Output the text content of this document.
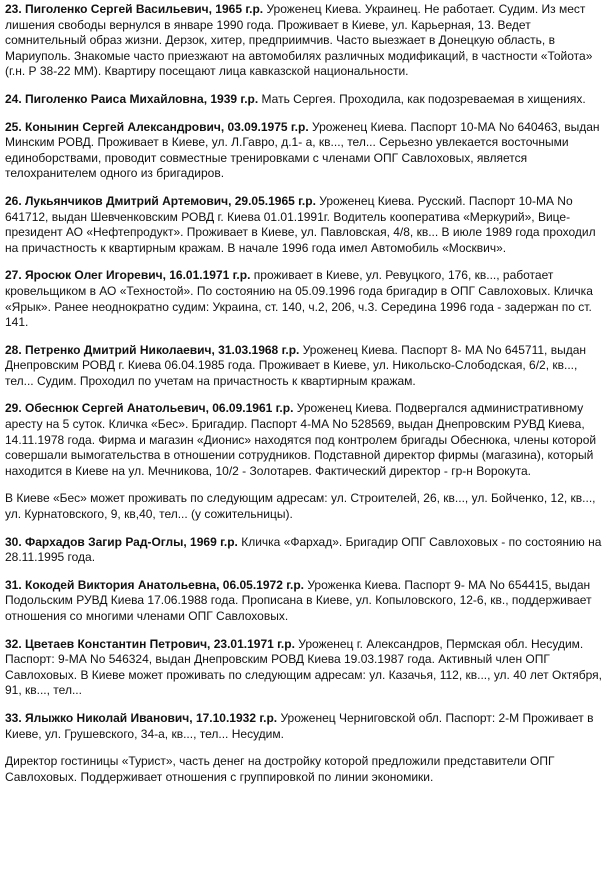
23. Пиголенко Сергей Васильевич, 1965 г.р. Уроженец Киева. Украинец. Не работает. Судим. Из мест лишения свободы вернулся в январе 1990 года. Проживает в Киеве, ул. Карьерная, 13. Ведет сомнительный образ жизни. Дерзок, хитер, предприимчив. Часто выезжает в Донецкую область, в Мариуполь. Знакомые часто приезжают на автомобилях различных модификаций, в частности «Тойота» (г.н. Р 38-22 ММ). Квартиру посещают лица кавказской национальности.

24. Пиголенко Раиса Михайловна, 1939 г.р. Мать Сергея. Проходила, как подозреваемая в хищениях.

25. Конынин Сергей Александрович, 03.09.1975 г.р. Уроженец Киева. Паспорт 10-МА No 640463, выдан Минским РОВД. Проживает в Киеве, ул. Л.Гавро, д.1- а, кв..., тел... Серьезно увлекается восточными единоборствами, проводит совместные тренировками с членами ОПГ Савлоховых, является телохранителем одного из бригадиров.

26. Лукьянчиков Дмитрий Артемович, 29.05.1965 г.р. Уроженец Киева. Русский. Паспорт 10-МА No 641712, выдан Шевченковским РОВД г. Киева 01.01.1991г. Водитель кооператива «Меркурий», Вице-президент АО «Нефтепродукт». Проживает в Киеве, ул. Павловская, 4/8, кв... В июле 1989 года проходил на причастность к квартирным кражам. В начале 1996 года имел Автомобиль «Москвич».

27. Яросюк Олег Игоревич, 16.01.1971 г.р. проживает в Киеве, ул. Ревуцкого, 176, кв..., работает кровельщиком в АО «Техностой». По состоянию на 05.09.1996 года бригадир в ОПГ Савлоховых. Кличка «Ярык». Ранее неоднократно судим: Украина, ст. 140, ч.2, 206, ч.3. Середина 1996 года - задержан по ст. 141.

28. Петренко Дмитрий Николаевич, 31.03.1968 г.р. Уроженец Киева. Паспорт 8- МА No 645711, выдан Днепровским РОВД г. Киева 06.04.1985 года. Проживает в Киеве, ул. Никольско-Слободская, 6/2, кв..., тел... Судим. Проходил по учетам на причастность к квартирным кражам.

29. Обеснюк Сергей Анатольевич, 06.09.1961 г.р. Уроженец Киева. Подвергался административному аресту на 5 суток. Кличка «Бес». Бригадир. Паспорт 4-МА No 528569, выдан Днепровским РУВД Киева, 14.11.1978 года. Фирма и магазин «Дионис» находятся под контролем бригады Обеснюка, члены которой совершали вымогательства в отношении сотрудников. Подставной директор фирмы (магазина), который находится в Киеве на ул. Мечникова, 10/2 - Золотарев. Фактический директор - гр-н Ворокута.

В Киеве «Бес» может проживать по следующим адресам: ул. Строителей, 26, кв..., ул. Бойченко, 12, кв..., ул. Курнатовского, 9, кв,40, тел... (у сожительницы).

30. Фархадов Загир Рад-Оглы, 1969 г.р. Кличка «Фархад». Бригадир ОПГ Савлоховых - по состоянию на 28.11.1995 года.

31. Кокодей Виктория Анатольевна, 06.05.1972 г.р. Уроженка Киева. Паспорт 9- МА No 654415, выдан Подольским РУВД Киева 17.06.1988 года. Прописана в Киеве, ул. Копыловского, 12-6, кв., поддерживает отношения со многими членами ОПГ Савлоховых.

32. Цветаев Константин Петрович, 23.01.1971 г.р. Уроженец г. Александров, Пермская обл. Несудим. Паспорт: 9-МА No 546324, выдан Днепровским РОВД Киева 19.03.1987 года. Активный член ОПГ Савлоховых. В Киеве может проживать по следующим адресам: ул. Казачья, 112, кв..., ул. 40 лет Октября, 91, кв..., тел...

33. Ялыжко Николай Иванович, 17.10.1932 г.р. Уроженец Черниговской обл. Паспорт: 2-М Проживает в Киеве, ул. Грушевского, 34-а, кв..., тел... Несудим.

Директор гостиницы «Турист», часть денег на достройку которой предложили представители ОПГ Савлоховых. Поддерживает отношения с группировкой по линии экономики.
